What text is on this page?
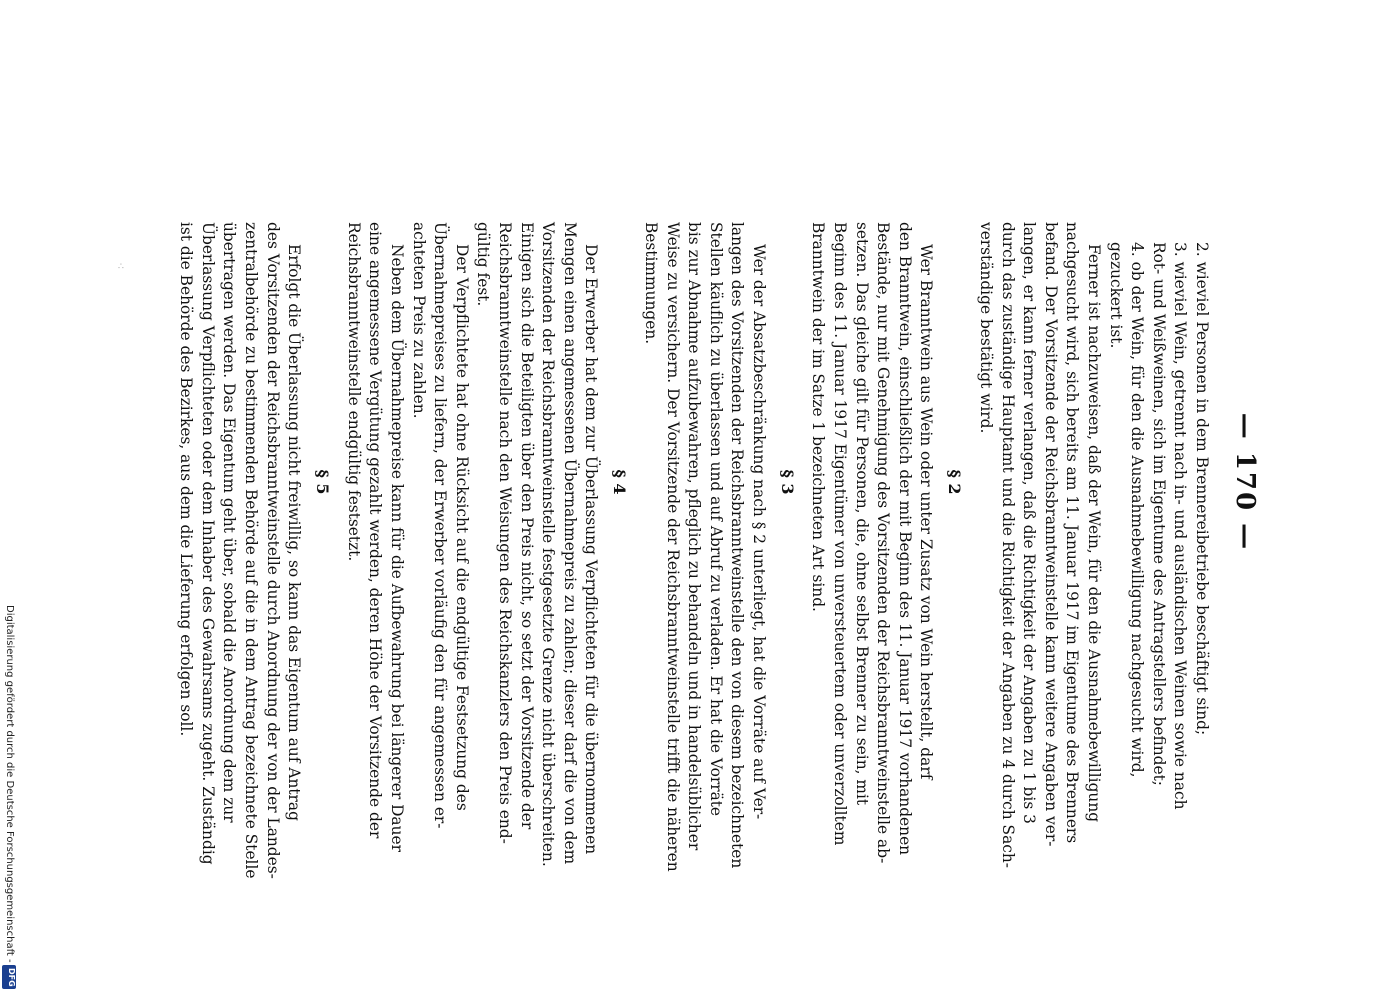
Digitalisierung gefördert durch die Deutsche Forschungsgemeinschaft -
DFG
∴
— 170 —
2. wieviel Personen in dem Brennereibetriebe beschäftigt sind;
3. wieviel Wein, getrennt nach in- und ausländischen Weinen sowie nach
Rot- und Weißweinen, sich im Eigentume des Antragstellers befindet;
4. ob der Wein, für den die Ausnahmebewilligung nachgesucht wird,
gezuckert ist.
Ferner ist nachzuweisen, daß der Wein, für den die Ausnahmebewilligung
nachgesucht wird, sich bereits am 11. Januar 1917 im Eigentume des Brenners
befand. Der Vorsitzende der Reichsbranntweinstelle kann weitere Angaben ver-
langen, er kann ferner verlangen, daß die Richtigkeit der Angaben zu 1 bis 3
durch das zuständige Hauptamt und die Richtigkeit der Angaben zu 4 durch Sach-
verständige bestätigt wird.
§ 2
Wer Branntwein aus Wein oder unter Zusatz von Wein herstellt, darf
den Branntwein, einschließlich der mit Beginn des 11. Januar 1917 vorhandenen
Bestände, nur mit Genehmigung des Vorsitzenden der Reichsbranntweinstelle ab-
setzen. Das gleiche gilt für Personen, die, ohne selbst Brenner zu sein, mit
Beginn des 11. Januar 1917 Eigentümer von unversteuertem oder unverzolltem
Branntwein der im Satze 1 bezeichneten Art sind.
§ 3
Wer der Absatzbeschränkung nach § 2 unterliegt, hat die Vorräte auf Ver-
langen des Vorsitzenden der Reichsbranntweinstelle den von diesem bezeichneten
Stellen käuflich zu überlassen und auf Abruf zu verladen. Er hat die Vorräte
bis zur Abnahme aufzubewahren, pfleglich zu behandeln und in handelsüblicher
Weise zu versichern. Der Vorsitzende der Reichsbranntweinstelle trifft die näheren
Bestimmungen.
§ 4
Der Erwerber hat dem zur Überlassung Verpflichteten für die übernommenen
Mengen einen angemessenen Übernahmepreis zu zahlen; dieser darf die von dem
Vorsitzenden der Reichsbranntweinstelle festgesetzte Grenze nicht überschreiten.
Einigen sich die Beteiligten über den Preis nicht, so setzt der Vorsitzende der
Reichsbranntweinstelle nach den Weisungen des Reichskanzlers den Preis end-
gültig fest.
Der Verpflichtete hat ohne Rücksicht auf die endgültige Festsetzung des
Übernahmepreises zu liefern, der Erwerber vorläufig den für angemessen er-
achteten Preis zu zahlen.
Neben dem Übernahmepreise kann für die Aufbewahrung bei längerer Dauer
eine angemessene Vergütung gezahlt werden, deren Höhe der Vorsitzende der
Reichsbranntweinstelle endgültig festsetzt.
§ 5
Erfolgt die Überlassung nicht freiwillig, so kann das Eigentum auf Antrag
des Vorsitzenden der Reichsbranntweinstelle durch Anordnung der von der Landes-
zentralbehörde zu bestimmenden Behörde auf die in dem Antrag bezeichnete Stelle
übertragen werden. Das Eigentum geht über, sobald die Anordnung dem zur
Überlassung Verpflichteten oder dem Inhaber des Gewahrsams zugeht. Zuständig
ist die Behörde des Bezirkes, aus dem die Lieferung erfolgen soll.
